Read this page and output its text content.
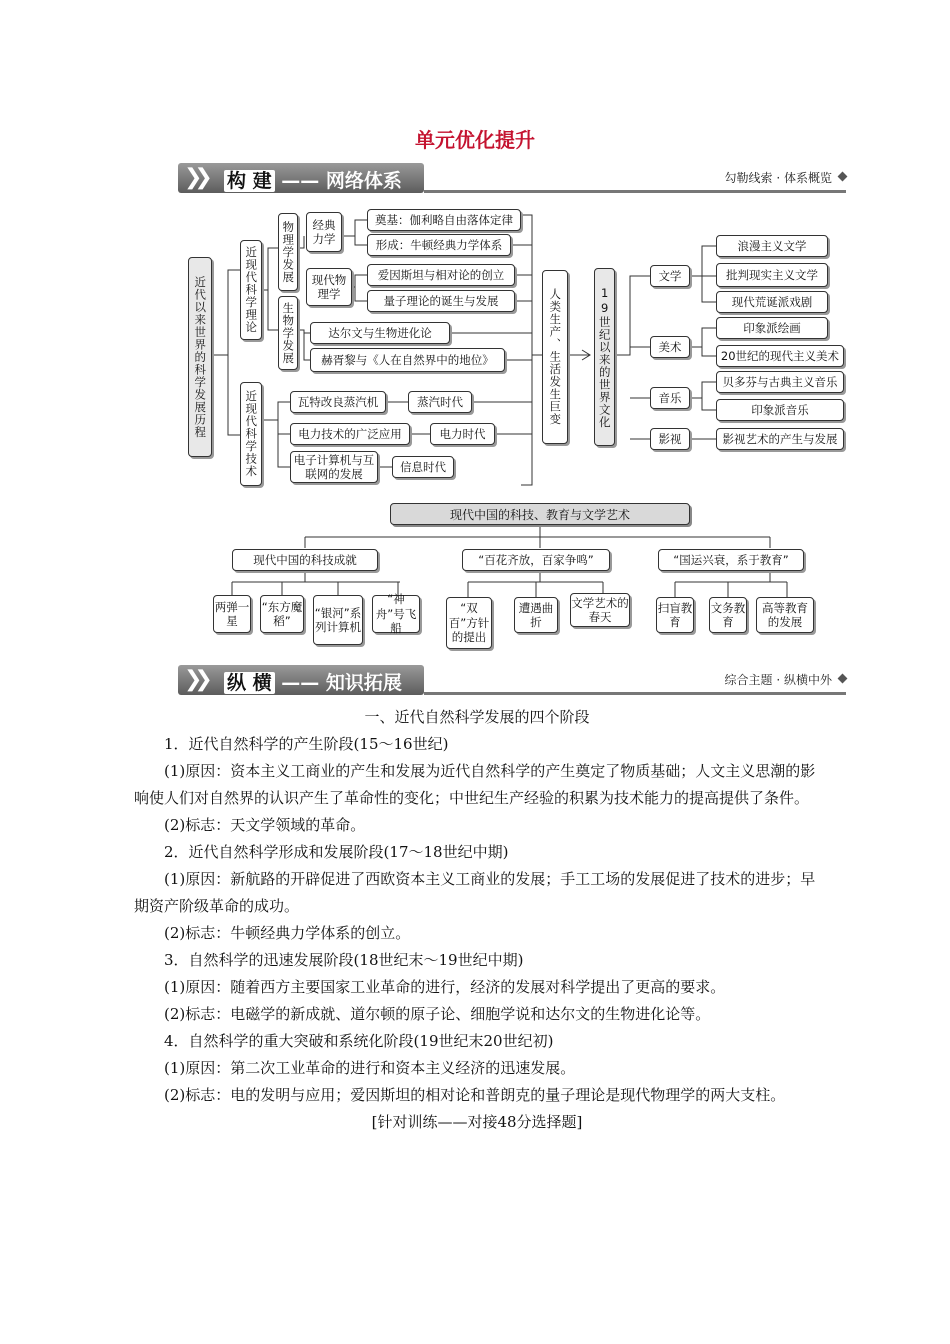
单元优化提升
❯❯ 构 建 —— 网络体系	勾勒线索 · 体系概览
近代以来世界的科学发展历程	近现代科学理论	物理学发展
生物学发展
经典力学
现代物理学
奠基：伽利略自由落体定律
形成：牛顿经典力学体系
爱因斯坦与相对论的创立
量子理论的诞生与发展
达尔文与生物进化论
赫胥黎与《人在自然界中的地位》
近现代科学技术	瓦特改良蒸汽机	蒸汽时代
电力技术的广泛应用	电力时代
电子计算机与互联网的发展
信息时代
人类生产、生活发生巨变	19世纪以来的世界文化
文学
美术
音乐
影视
浪漫主义文学
批判现实主义文学
现代荒诞派戏剧
印象派绘画
20世纪的现代主义美术
贝多芬与古典主义音乐
印象派音乐
影视艺术的产生与发展
现代中国的科技、教育与文学艺术
现代中国的科技成就	“百花齐放，百家争鸣”	“国运兴衰，系于教育”
两弹一星
“东方魔稻”
“银河”系列计算机
“神舟”号飞船
“双百”方针的提出
遭遇曲折
文学艺术的春天
扫盲教育
文务教育
高等教育的发展
❯❯ 纵 横 —— 知识拓展	综合主题 · 纵横中外

一、近代自然科学发展的四个阶段

1．近代自然科学的产生阶段(15～16世纪)

(1)原因：资本主义工商业的产生和发展为近代自然科学的产生奠定了物质基础；人文主义思潮的影响使人们对自然界的认识产生了革命性的变化；中世纪生产经验的积累为技术能力的提高提供了条件。

(2)标志：天文学领域的革命。

2．近代自然科学形成和发展阶段(17～18世纪中期)

(1)原因：新航路的开辟促进了西欧资本主义工商业的发展；手工工场的发展促进了技术的进步；早期资产阶级革命的成功。

(2)标志：牛顿经典力学体系的创立。

3．自然科学的迅速发展阶段(18世纪末～19世纪中期)

(1)原因：随着西方主要国家工业革命的进行，经济的发展对科学提出了更高的要求。

(2)标志：电磁学的新成就、道尔顿的原子论、细胞学说和达尔文的生物进化论等。

4．自然科学的重大突破和系统化阶段(19世纪末20世纪初)

(1)原因：第二次工业革命的进行和资本主义经济的迅速发展。

(2)标志：电的发明与应用；爱因斯坦的相对论和普朗克的量子理论是现代物理学的两大支柱。

[针对训练——对接48分选择题]
